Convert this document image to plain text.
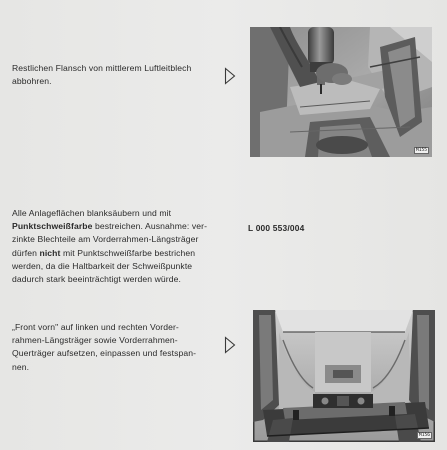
Restlichen Flansch von mittlerem Luftleitblech

abbohren.

M155

Alle Anlageflächen blanksäubern und mit

Punktschweißfarbe bestreichen. Ausnahme: ver-

zinkte Blechteile am Vorderrahmen-Längsträger

dürfen nicht mit Punktschweißfarbe bestrichen

werden, da die Haltbarkeit der Schweißpunkte

dadurch stark beeinträchtigt werden würde.

L 000 553/004

„Front vorn" auf linken und rechten Vorder-

rahmen-Längsträger sowie Vorderrahmen-

Querträger aufsetzen, einpassen und festspan-

nen.

M156
